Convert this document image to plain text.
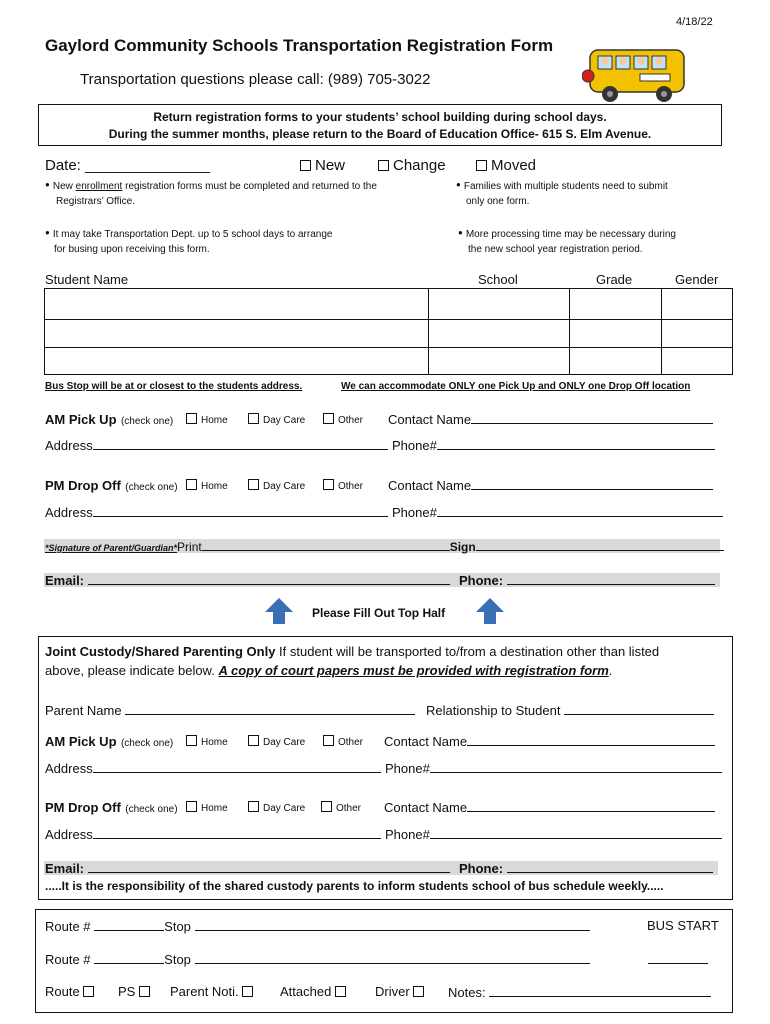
4/18/22
Gaylord Community Schools Transportation Registration Form
Transportation questions please call: (989) 705-3022
Return registration forms to your students’ school building during school days.
During the summer months, please return to the Board of Education Office- 615 S. Elm Avenue.
Date: _______________	New	Change	Moved
● New enrollment registration forms must be completed and returned to the
Registrars’ Office.
● Families with multiple students need to submit
only one form.
● It may take Transportation Dept. up to 5 school days to arrange
for busing upon receiving this form.
● More processing time may be necessary during
the new school year registration period.
Student Name	School	Grade	Gender
Bus Stop will be at or closest to the students address.	We can accommodate ONLY one Pick Up and ONLY one Drop Off location
AM Pick Up (check one)	Home	Day Care	Other Contact Name
Address	Phone#
PM Drop Off (check one)	Home	Day Care	Other Contact Name
Address	Phone#
*Signature of Parent/Guardian*Print	Sign
Email:	Phone:
Please Fill Out Top Half
Joint Custody/Shared Parenting Only If student will be transported to/from a destination other than listed
above, please indicate below. A copy of court papers must be provided with registration form.
Parent Name	Relationship to Student
AM Pick Up (check one)	Home	Day Care	Other Contact Name
Address	Phone#
PM Drop Off (check one)	Home	Day Care	Other Contact Name
Address	Phone#
Email:	Phone:
.....It is the responsibility of the shared custody parents to inform students school of bus schedule weekly.....
Route #	Stop	BUS START
Route #	Stop
Route	PS	Parent Noti.	Attached	Driver	Notes:
